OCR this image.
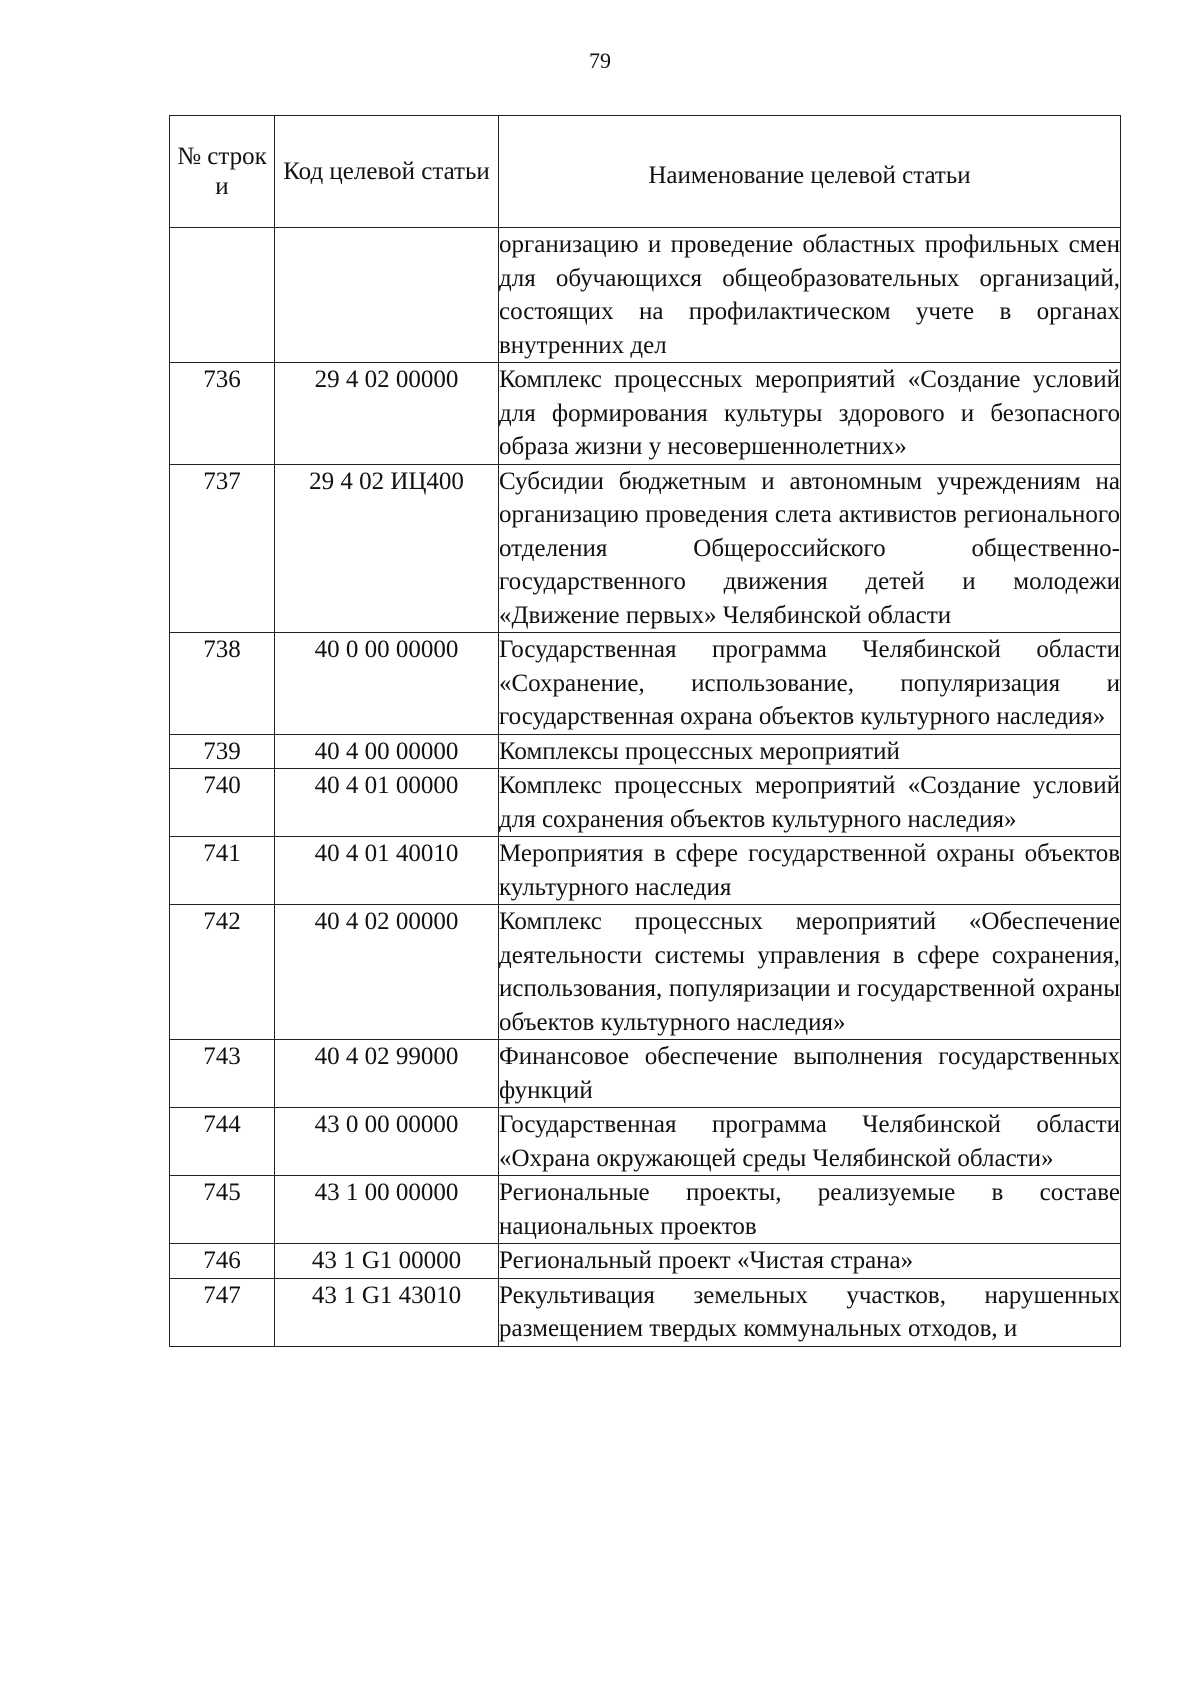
79
№ строк и	Код целевой статьи	Наименование целевой статьи
		организацию и проведение областных профильных смен для обучающихся общеобразовательных организаций, состоящих на профилактическом учете в органах внутренних дел
736	29 4 02 00000	Комплекс процессных мероприятий «Создание условий для формирования культуры здорового и безопасного образа жизни у несовершеннолетних»
737	29 4 02 ИЦ400	Субсидии бюджетным и автономным учреждениям на организацию проведения слета активистов регионального отделения Общероссийского общественно-государственного движения детей и молодежи «Движение первых» Челябинской области
738	40 0 00 00000	Государственная программа Челябинской области «Сохранение, использование, популяризация и государственная охрана объектов культурного наследия»
739	40 4 00 00000	Комплексы процессных мероприятий
740	40 4 01 00000	Комплекс процессных мероприятий «Создание условий для сохранения объектов культурного наследия»
741	40 4 01 40010	Мероприятия в сфере государственной охраны объектов культурного наследия
742	40 4 02 00000	Комплекс процессных мероприятий «Обеспечение деятельности системы управления в сфере сохранения, использования, популяризации и государственной охраны объектов культурного наследия»
743	40 4 02 99000	Финансовое обеспечение выполнения государственных функций
744	43 0 00 00000	Государственная программа Челябинской области «Охрана окружающей среды Челябинской области»
745	43 1 00 00000	Региональные проекты, реализуемые в составе национальных проектов
746	43 1 G1 00000	Региональный проект «Чистая страна»
747	43 1 G1 43010	Рекультивация земельных участков, нарушенных размещением твердых коммунальных отходов, и
